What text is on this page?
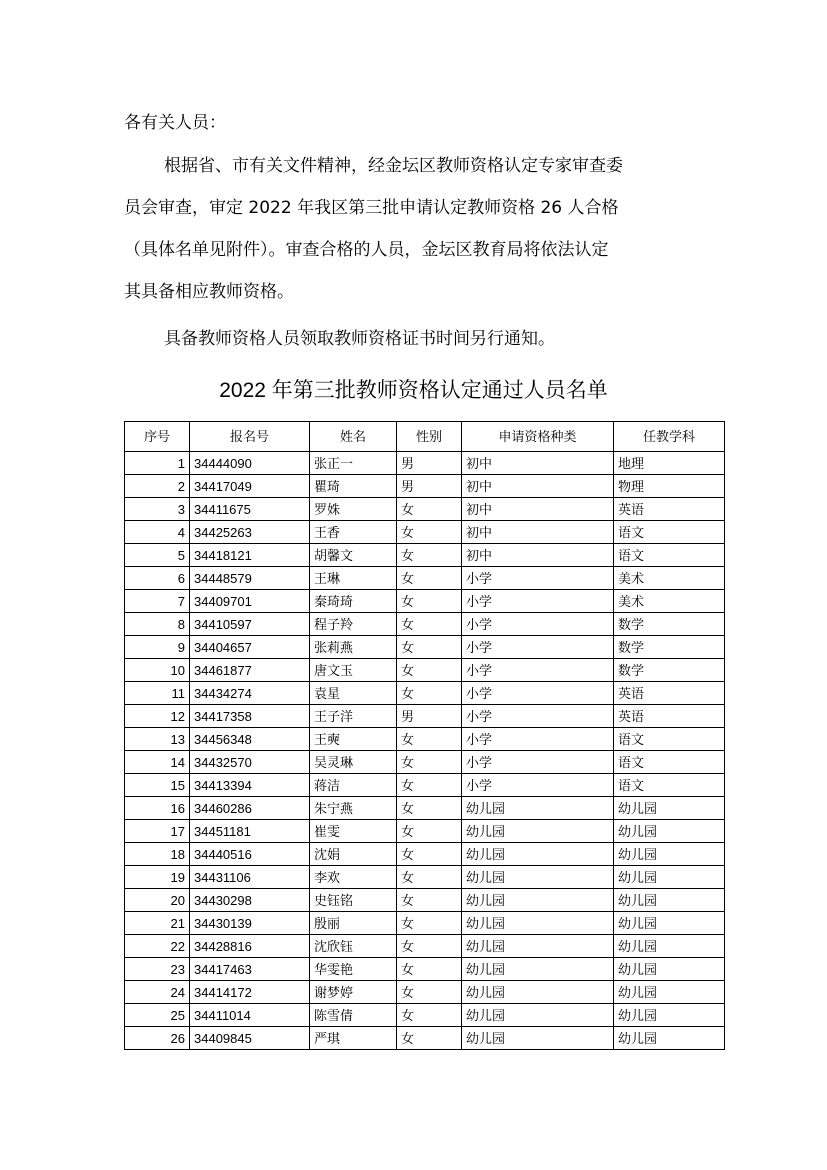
各有关人员：
根据省、市有关文件精神，经金坛区教师资格认定专家审查委
员会审查，审定 2022 年我区第三批申请认定教师资格 26 人合格
（具体名单见附件）。审查合格的人员，金坛区教育局将依法认定
其具备相应教师资格。
具备教师资格人员领取教师资格证书时间另行通知。
2022 年第三批教师资格认定通过人员名单
序号	报名号	姓名	性别	申请资格种类	任教学科
1	34444090	张正一	男	初中	地理
2	34417049	瞿琦	男	初中	物理
3	34411675	罗姝	女	初中	英语
4	34425263	王香	女	初中	语文
5	34418121	胡馨文	女	初中	语文
6	34448579	王琳	女	小学	美术
7	34409701	秦琦琦	女	小学	美术
8	34410597	程子羚	女	小学	数学
9	34404657	张莉燕	女	小学	数学
10	34461877	唐文玉	女	小学	数学
11	34434274	袁星	女	小学	英语
12	34417358	王子洋	男	小学	英语
13	34456348	王奭	女	小学	语文
14	34432570	吴灵琳	女	小学	语文
15	34413394	蒋洁	女	小学	语文
16	34460286	朱宁燕	女	幼儿园	幼儿园
17	34451181	崔雯	女	幼儿园	幼儿园
18	34440516	沈娟	女	幼儿园	幼儿园
19	34431106	李欢	女	幼儿园	幼儿园
20	34430298	史钰铭	女	幼儿园	幼儿园
21	34430139	殷丽	女	幼儿园	幼儿园
22	34428816	沈欣钰	女	幼儿园	幼儿园
23	34417463	华雯艳	女	幼儿园	幼儿园
24	34414172	谢梦婷	女	幼儿园	幼儿园
25	34411014	陈雪倩	女	幼儿园	幼儿园
26	34409845	严琪	女	幼儿园	幼儿园
